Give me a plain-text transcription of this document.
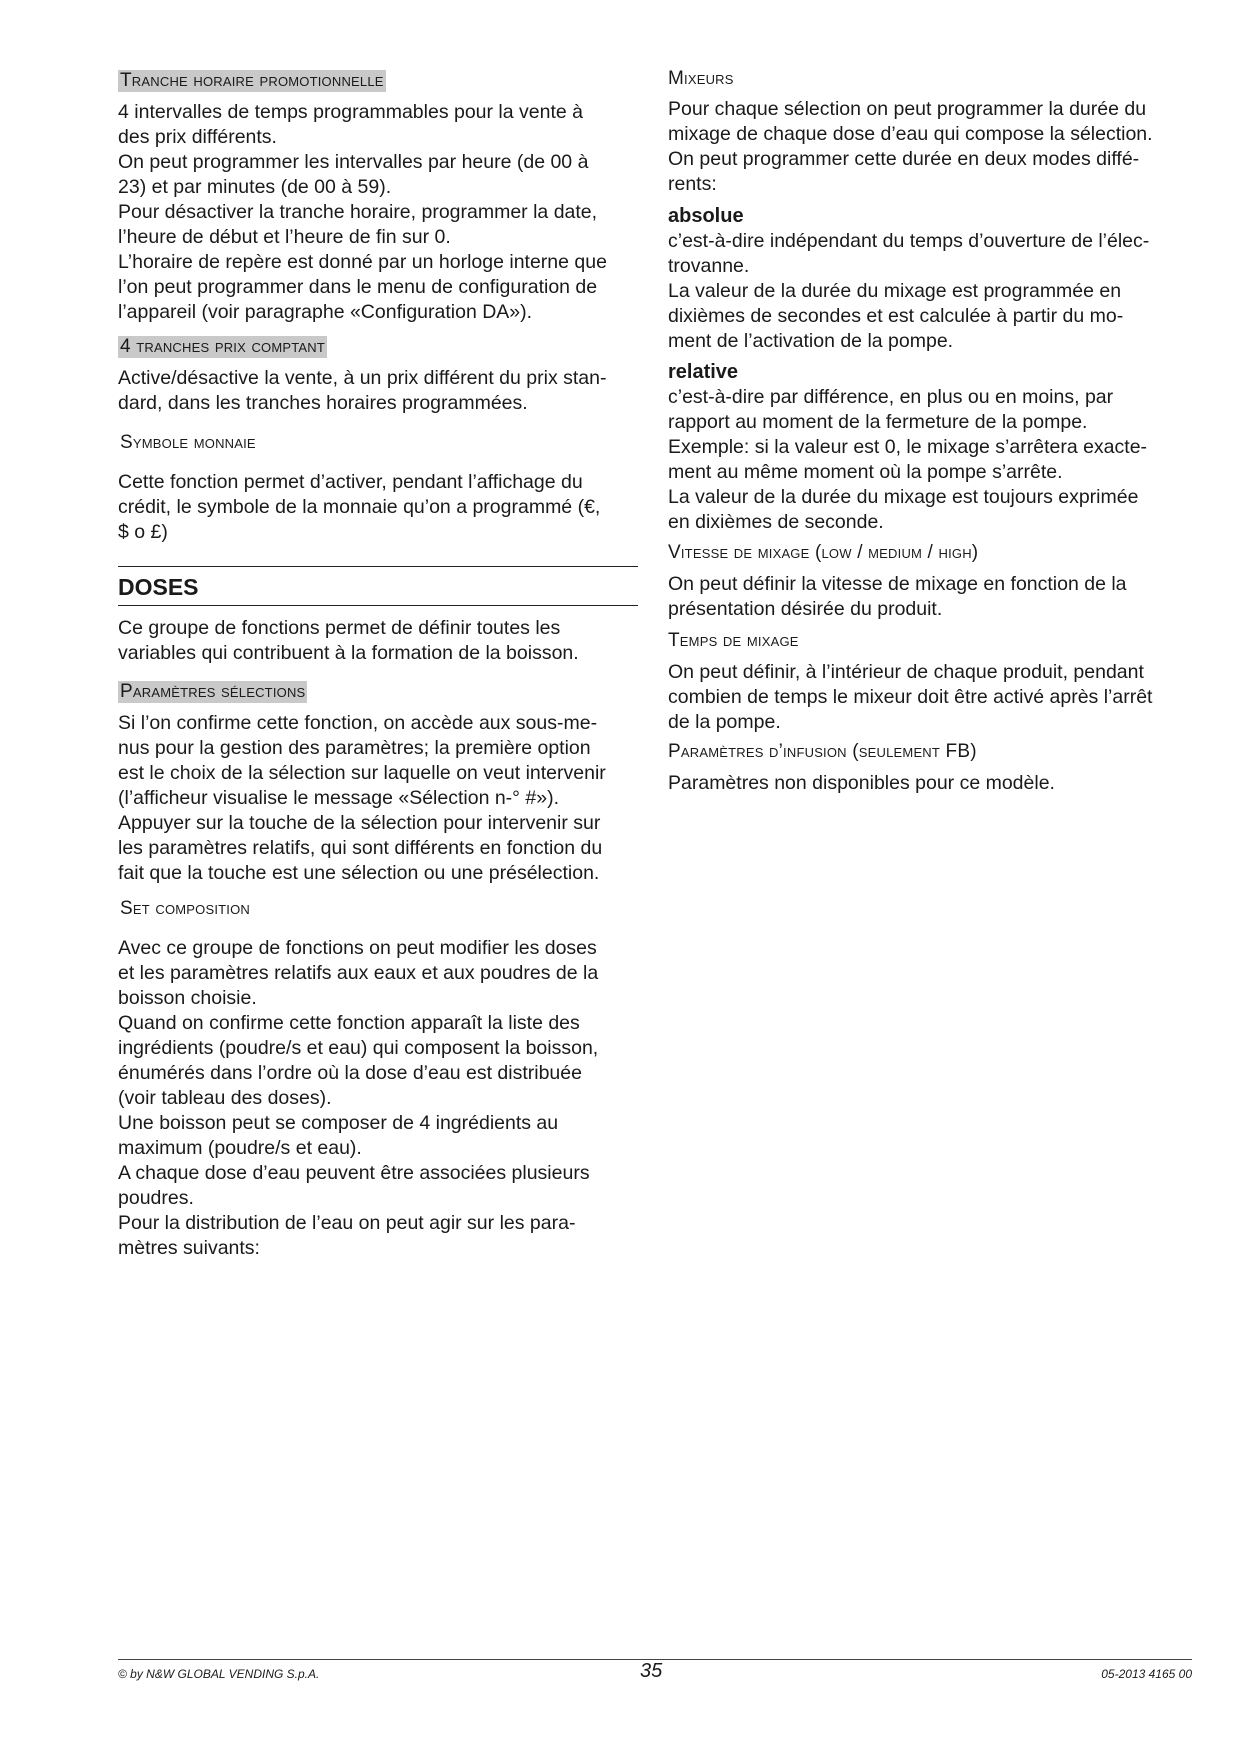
Tranche horaire promotionnelle

4 intervalles de temps programmables pour la vente à
des prix différents.
On peut programmer les intervalles par heure (de 00 à
23) et par minutes (de 00 à 59).
Pour désactiver la tranche horaire, programmer la date,
l’heure de début et l’heure de fin sur 0.
L’horaire de repère est donné par un horloge interne que
l’on peut programmer dans le menu de configuration de
l’appareil (voir paragraphe «Configuration DA»).

4 tranches prix comptant

Active/désactive la vente, à un prix différent du prix stan-
dard, dans les tranches horaires programmées.

Symbole monnaie

Cette fonction permet d’activer, pendant l’affichage du
crédit, le symbole de la monnaie qu’on a programmé (€,
$ o £)

DOSES

Ce groupe de fonctions permet de définir toutes les
variables qui contribuent à la formation de la boisson.

Paramètres sélections

Si l’on confirme cette fonction, on accède aux sous-me-
nus pour la gestion des paramètres; la première option
est le choix de la sélection sur laquelle on veut intervenir
(l’afficheur visualise le message «Sélection n-° #»).
Appuyer sur la touche de la sélection pour intervenir sur
les paramètres relatifs, qui sont différents en fonction du
fait que la touche est une sélection ou une présélection.

Set composition

Avec ce groupe de fonctions on peut modifier les doses
et les paramètres relatifs aux eaux et aux poudres de la
boisson choisie.
Quand on confirme cette fonction apparaît la liste des
ingrédients (poudre/s et eau) qui composent la boisson,
énumérés dans l’ordre où la dose d’eau est distribuée
(voir tableau des doses).
Une boisson peut se composer de 4 ingrédients au
maximum (poudre/s et eau).
A chaque dose d’eau peuvent être associées plusieurs
poudres.
Pour la distribution de l’eau on peut agir sur les para-
mètres suivants:

Mixeurs

Pour chaque sélection on peut programmer la durée du
mixage de chaque dose d’eau qui compose la sélection.
On peut programmer cette durée en deux modes diffé-
rents:

absolue

c’est-à-dire indépendant du temps d’ouverture de l’élec-
trovanne.
La valeur de la durée du mixage est programmée en
dixièmes de secondes et est calculée à partir du mo-
ment de l’activation de la pompe.

relative

c’est-à-dire par différence, en plus ou en moins, par
rapport au moment de la fermeture de la pompe.
Exemple: si la valeur est 0, le mixage s’arrêtera exacte-
ment au même moment où la pompe s’arrête.
La valeur de la durée du mixage est toujours exprimée
en dixièmes de seconde.

Vitesse de mixage (low / medium / high)

On peut définir la vitesse de mixage en fonction de la
présentation désirée du produit.

Temps de mixage

On peut définir, à l’intérieur de chaque produit, pendant
combien de temps le mixeur doit être activé après l’arrêt
de la pompe.

Paramètres d’infusion (seulement FB)

Paramètres non disponibles pour ce modèle.

© by N&W GLOBAL VENDING S.p.A.	35	05-2013 4165 00
